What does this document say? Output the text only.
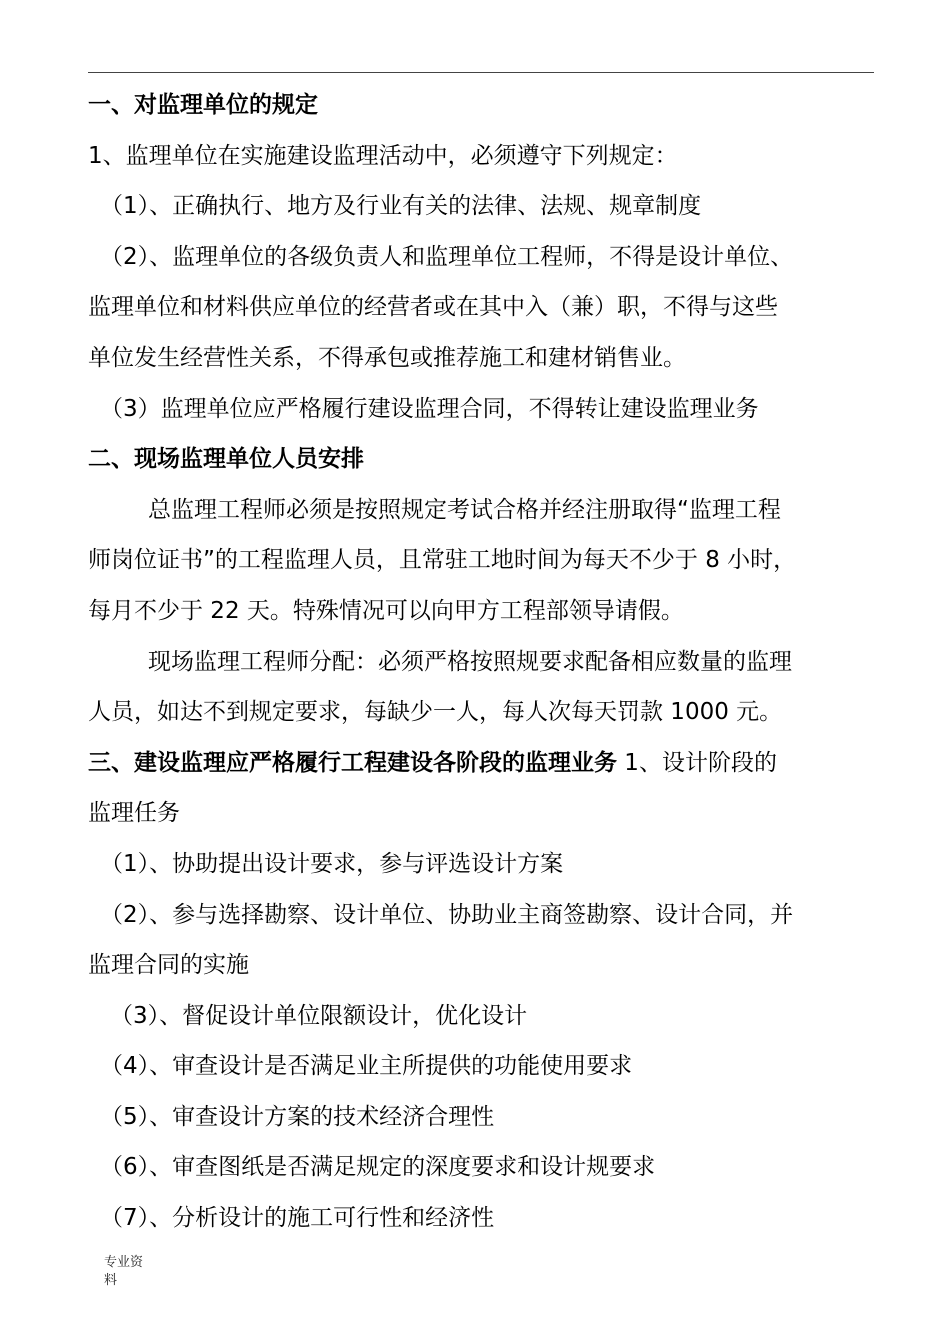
一、对监理单位的规定
1、监理单位在实施建设监理活动中，必须遵守下列规定：
（1）、正确执行、地方及行业有关的法律、法规、规章制度
（2）、监理单位的各级负责人和监理单位工程师，不得是设计单位、
监理单位和材料供应单位的经营者或在其中入（兼）职，不得与这些
单位发生经营性关系，不得承包或推荐施工和建材销售业。
（3）监理单位应严格履行建设监理合同，不得转让建设监理业务
二、现场监理单位人员安排
总监理工程师必须是按照规定考试合格并经注册取得“监理工程
师岗位证书”的工程监理人员，且常驻工地时间为每天不少于 8 小时，
每月不少于 22 天。特殊情况可以向甲方工程部领导请假。
现场监理工程师分配：必须严格按照规要求配备相应数量的监理
人员，如达不到规定要求，每缺少一人，每人次每天罚款 1000 元。
三、建设监理应严格履行工程建设各阶段的监理业务 1、设计阶段的
监理任务
（1）、协助提出设计要求，参与评选设计方案
（2）、参与选择勘察、设计单位、协助业主商签勘察、设计合同，并
监理合同的实施
（3）、督促设计单位限额设计，优化设计
（4）、审查设计是否满足业主所提供的功能使用要求
（5）、审查设计方案的技术经济合理性
（6）、审查图纸是否满足规定的深度要求和设计规要求
（7）、分析设计的施工可行性和经济性
专业资
料
